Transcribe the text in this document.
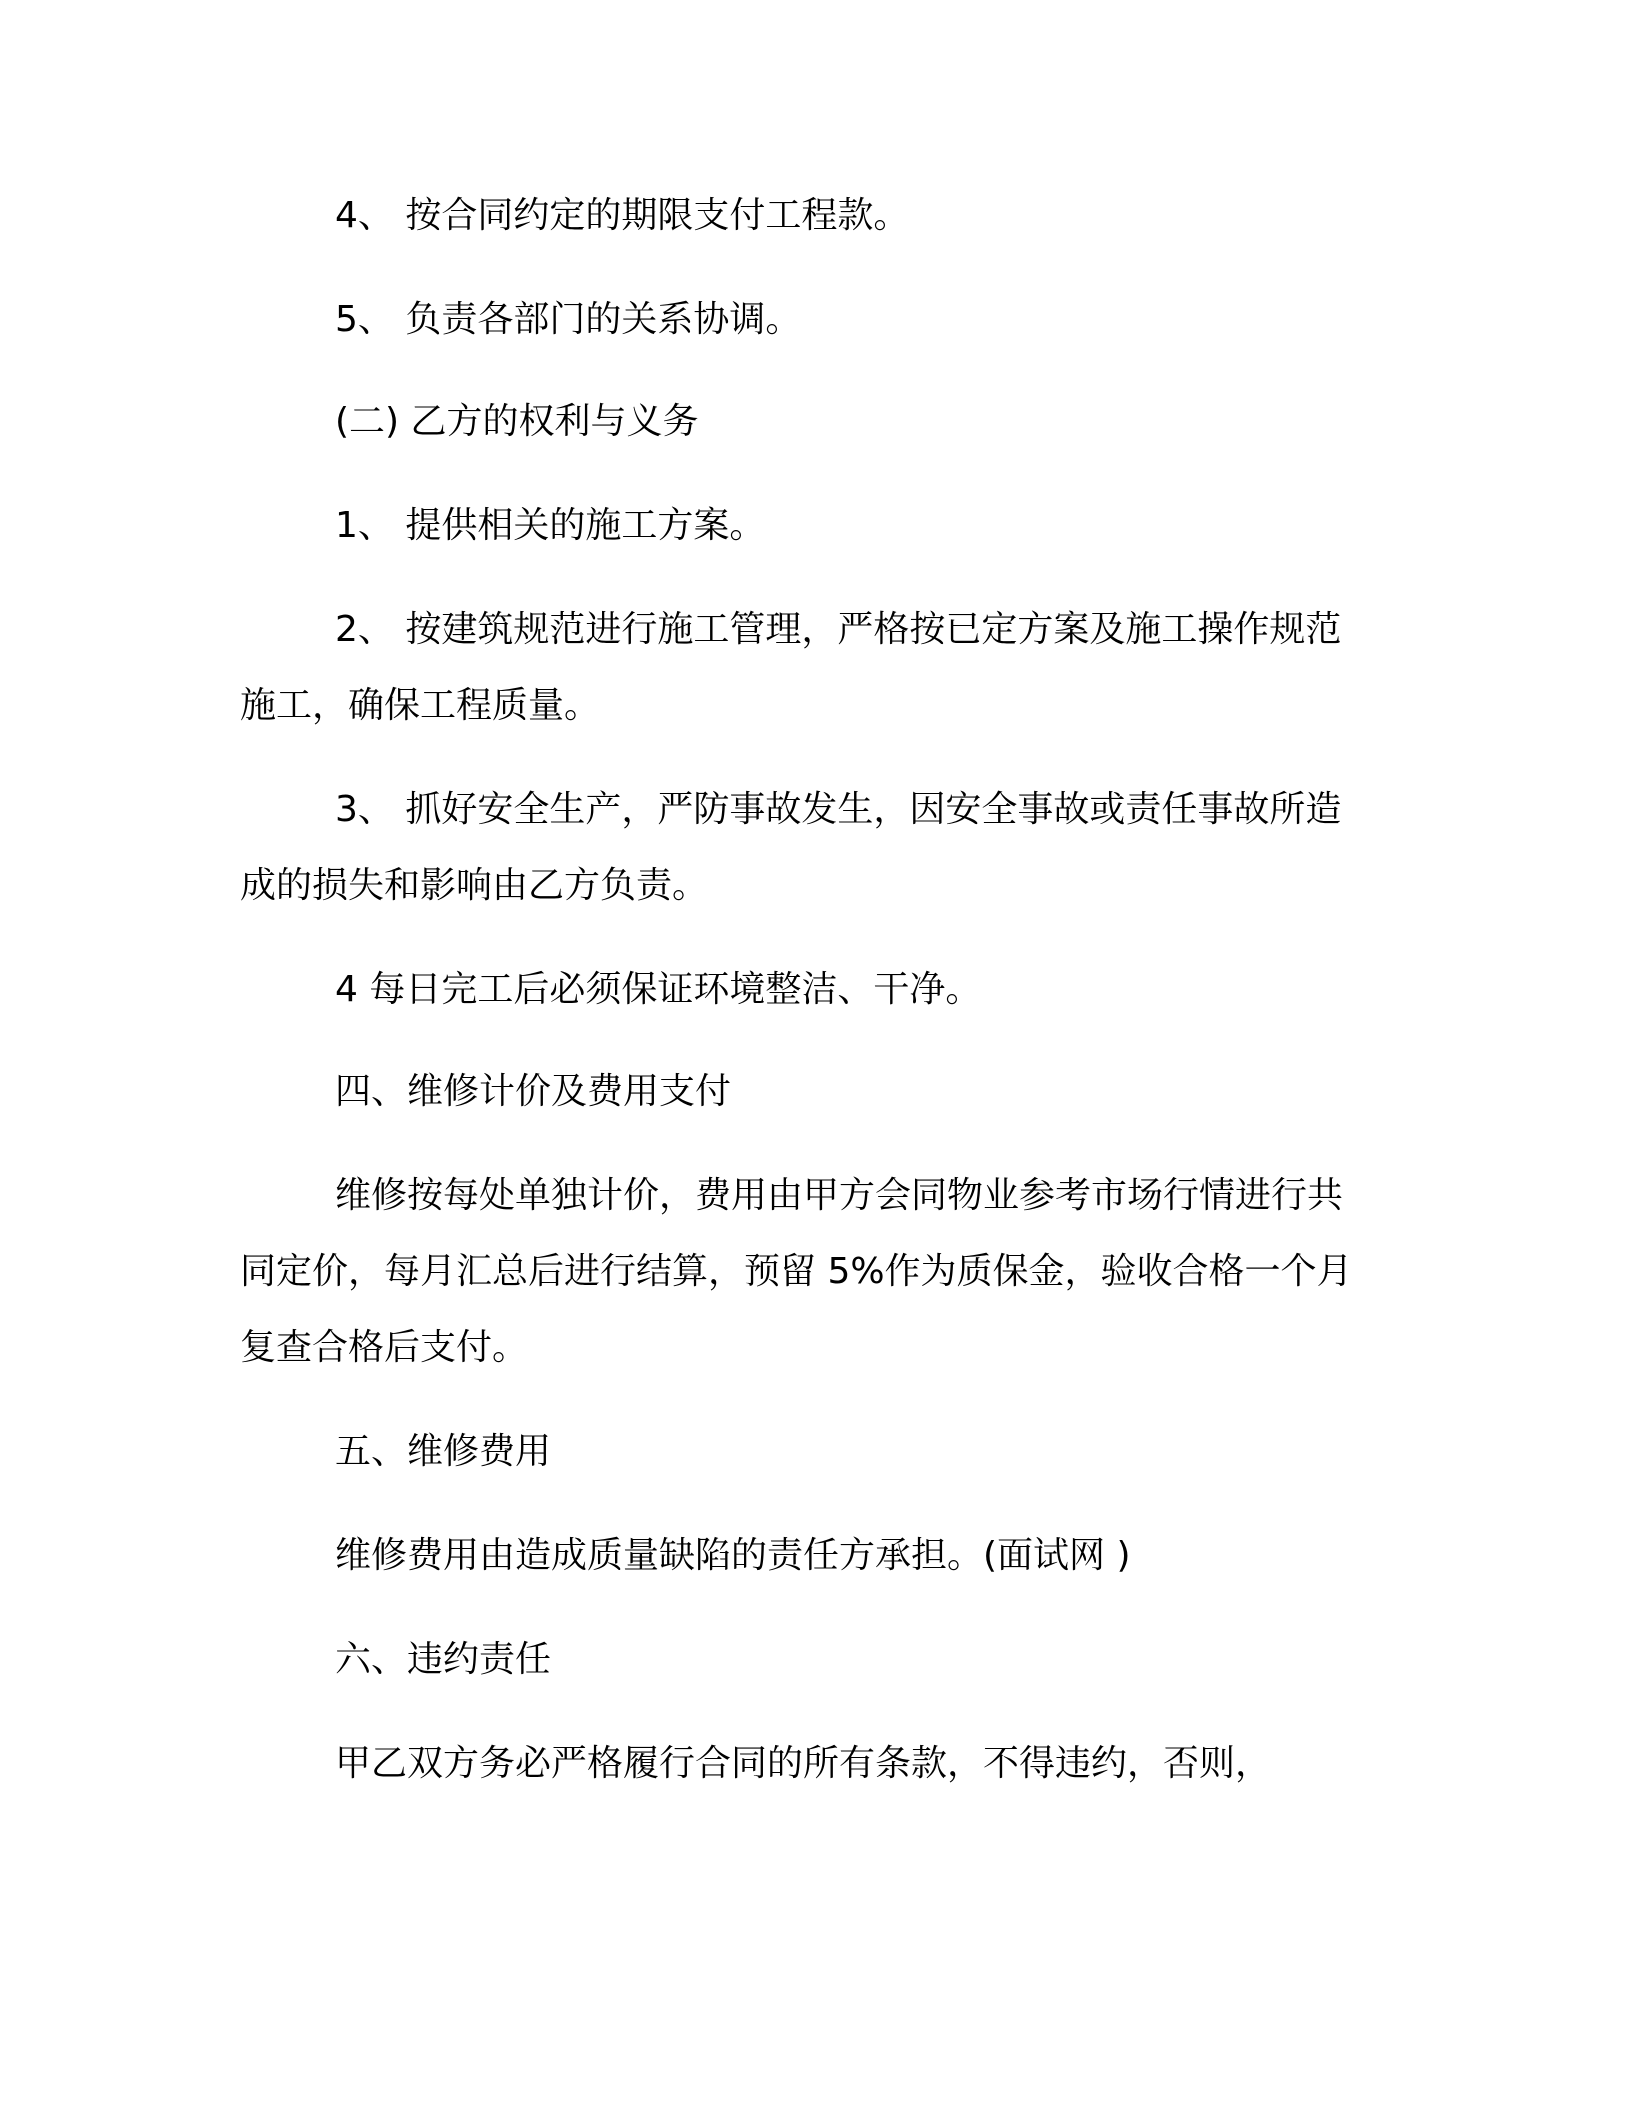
4、 按合同约定的期限支付工程款。
5、 负责各部门的关系协调。
(二) 乙方的权利与义务
1、 提供相关的施工方案。
2、 按建筑规范进行施工管理，严格按已定方案及施工操作规范
施工，确保工程质量。
3、 抓好安全生产，严防事故发生，因安全事故或责任事故所造
成的损失和影响由乙方负责。
4 每日完工后必须保证环境整洁、干净。
四、维修计价及费用支付
维修按每处单独计价，费用由甲方会同物业参考市场行情进行共
同定价，每月汇总后进行结算，预留 5%作为质保金，验收合格一个月
复查合格后支付。
五、维修费用
维修费用由造成质量缺陷的责任方承担。(面试网 )
六、违约责任
甲乙双方务必严格履行合同的所有条款，不得违约，否则，
